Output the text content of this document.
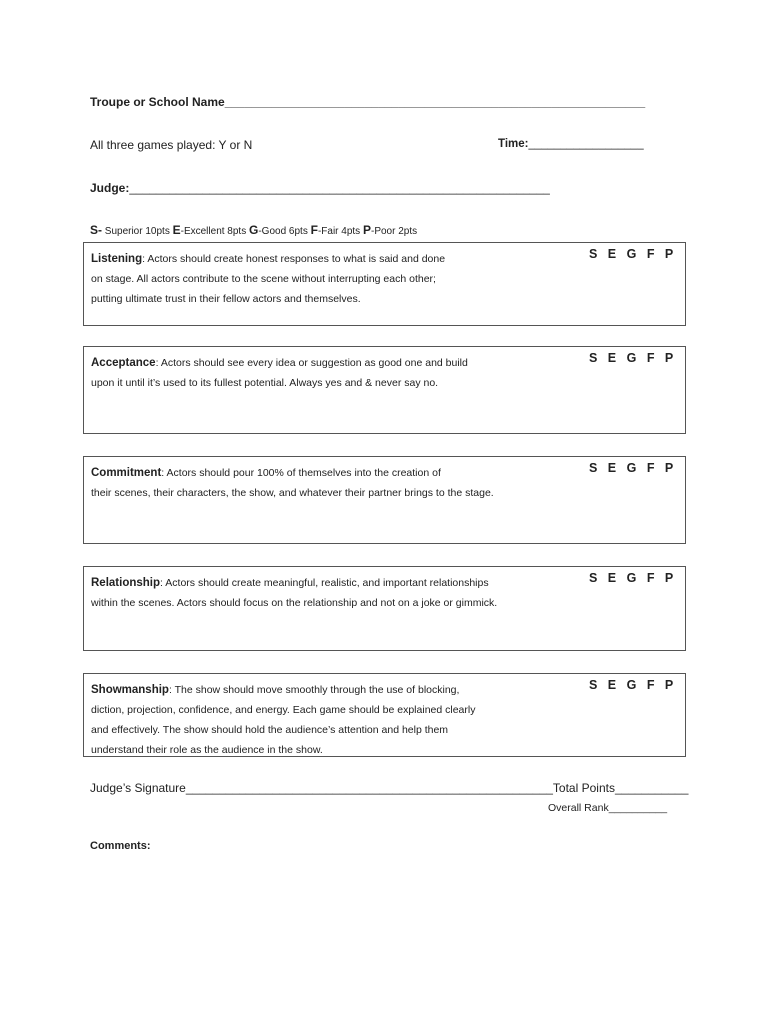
Troupe or School Name_______________________________________________________________
All three games played: Y or N	Time:__________________
Judge:_______________________________________________________________
S- Superior 10pts E-Excellent 8pts G-Good 6pts F-Fair 4pts P-Poor 2pts
Listening: Actors should create honest responses to what is said and done
on stage. All actors contribute to the scene without interrupting each other;
putting ultimate trust in their fellow actors and themselves.
S E G F P
Acceptance: Actors should see every idea or suggestion as good one and build
upon it until it’s used to its fullest potential. Always yes and & never say no.
S E G F P
Commitment: Actors should pour 100% of themselves into the creation of
their scenes, their characters, the show, and whatever their partner brings to the stage.
S E G F P
Relationship: Actors should create meaningful, realistic, and important relationships
within the scenes. Actors should focus on the relationship and not on a joke or gimmick.
S E G F P
Showmanship: The show should move smoothly through the use of blocking,
diction, projection, confidence, and energy. Each game should be explained clearly
and effectively. The show should hold the audience’s attention and help them
understand their role as the audience in the show.
S E G F P
Judge’s Signature_______________________________________________________Total Points___________
Overall Rank__________
Comments:
